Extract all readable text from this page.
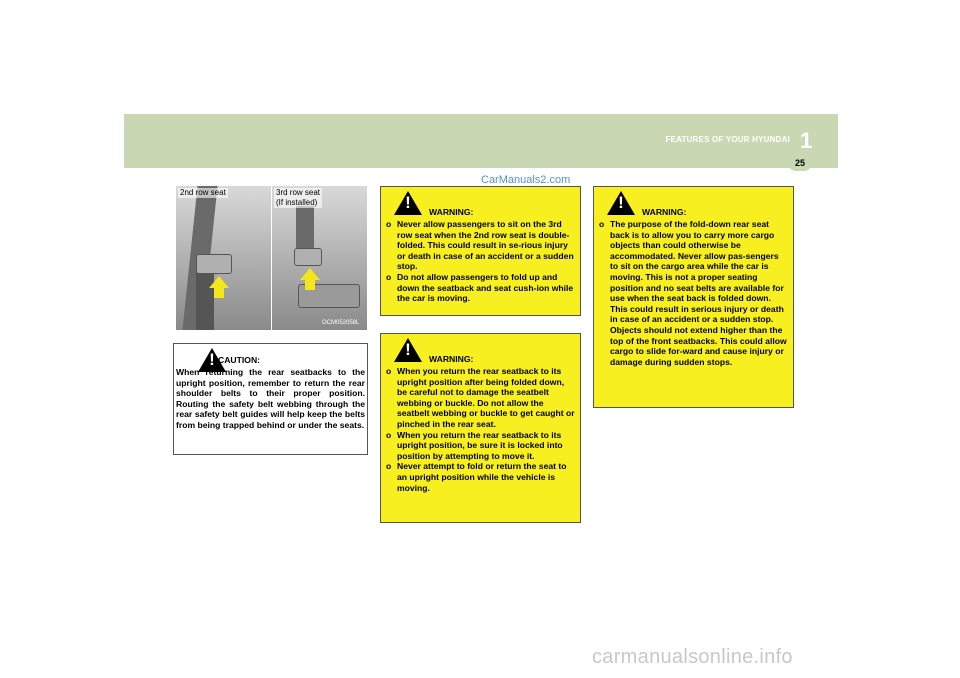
FEATURES OF YOUR HYUNDAI 1
25
CarManuals2.com
2nd row seat	3rd row seat
(If installed)
OCM052058L
! CAUTION:
When returning the rear seatbacks to the upright position, remember to return the rear shoulder belts to their proper position. Routing the safety belt webbing through the rear safety belt guides will help keep the belts from being trapped behind or under the seats.
!	WARNING:
o Never allow passengers to sit on the 3rd row seat when the 2nd row seat is double-folded. This could result in se-rious injury or death in case of an accident or a sudden stop.
o Do not allow passengers to fold up and down the seatback and seat cush-ion while the car is moving.
!	WARNING:
o When you return the rear seatback to its upright position after being folded down, be careful not to damage the seatbelt webbing or buckle. Do not allow the seatbelt webbing or buckle to get caught or pinched in the rear seat.
o When you return the rear seatback to its upright position, be sure it is locked into position by attempting to move it.
o Never attempt to fold or return the seat to an upright position while the vehicle is moving.
!	WARNING:
o The purpose of the fold-down rear seat back is to allow you to carry more cargo objects than could otherwise be accommodated. Never allow pas-sengers to sit on the cargo area while the car is moving. This is not a proper seating position and no seat belts are available for use when the seat back is folded down. This could result in serious injury or death in case of an accident or a sudden stop. Objects should not extend higher than the top of the front seatbacks. This could allow cargo to slide for-ward and cause injury or damage during sudden stops.
carmanualsonline.info
